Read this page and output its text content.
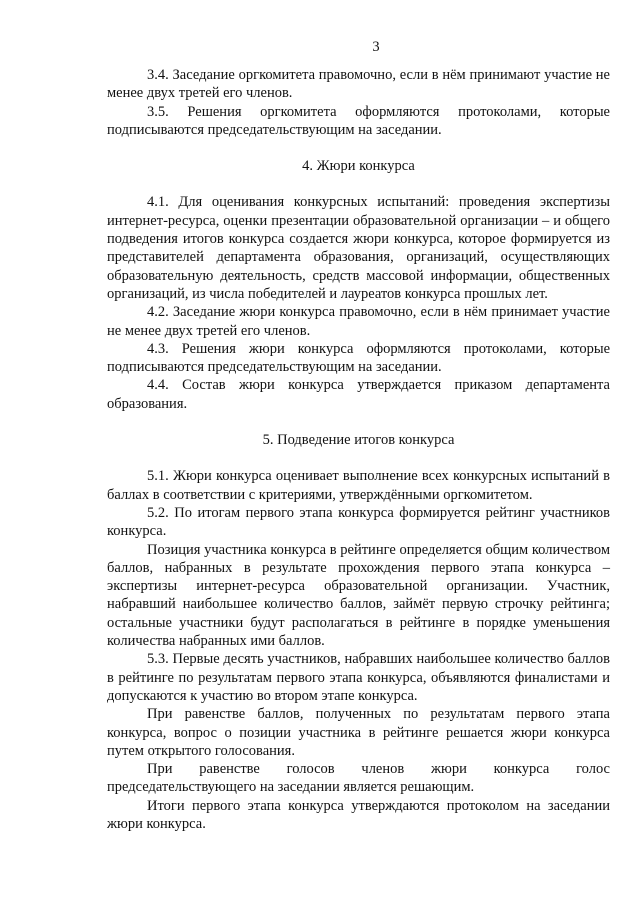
3

3.4. Заседание оргкомитета правомочно, если в нём принимают участие не менее двух третей его членов.

3.5. Решения оргкомитета оформляются протоколами, которые подписываются председательствующим на заседании.

4. Жюри конкурса

4.1. Для оценивания конкурсных испытаний: проведения экспертизы интернет-ресурса, оценки презентации образовательной организации – и общего подведения итогов конкурса создается жюри конкурса, которое формируется из представителей департамента образования, организаций, осуществляющих образовательную деятельность, средств массовой информации, общественных организаций, из числа победителей и лауреатов конкурса прошлых лет.

4.2. Заседание жюри конкурса правомочно, если в нём принимает участие не менее двух третей его членов.

4.3. Решения жюри конкурса оформляются протоколами, которые подписываются председательствующим на заседании.

4.4. Состав жюри конкурса утверждается приказом департамента образования.

5. Подведение итогов конкурса

5.1. Жюри конкурса оценивает выполнение всех конкурсных испытаний в баллах в соответствии с критериями, утверждёнными оргкомитетом.

5.2. По итогам первого этапа конкурса формируется рейтинг участников конкурса.

Позиция участника конкурса в рейтинге определяется общим количеством баллов, набранных в результате прохождения первого этапа конкурса – экспертизы интернет-ресурса образовательной организации. Участник, набравший наибольшее количество баллов, займёт первую строчку рейтинга; остальные участники будут располагаться в рейтинге в порядке уменьшения количества набранных ими баллов.

5.3. Первые десять участников, набравших наибольшее количество баллов в рейтинге по результатам первого этапа конкурса, объявляются финалистами и допускаются к участию во втором этапе конкурса.

При равенстве баллов, полученных по результатам первого этапа конкурса, вопрос о позиции участника в рейтинге решается жюри конкурса путем открытого голосования.

При равенстве голосов членов жюри конкурса голос председательствующего на заседании является решающим.

Итоги первого этапа конкурса утверждаются протоколом на заседании жюри конкурса.
